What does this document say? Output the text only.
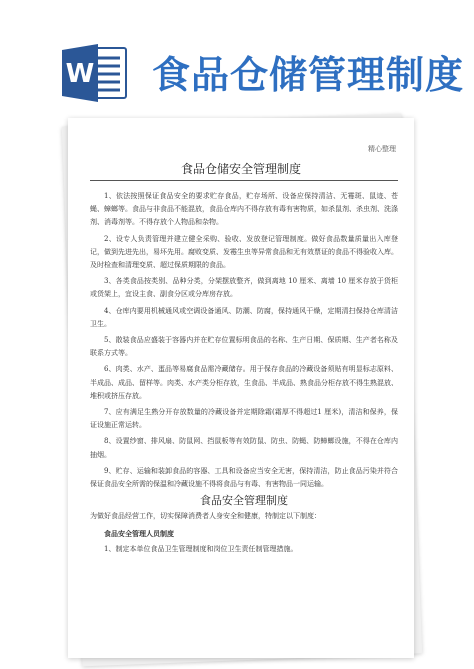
W 食品仓储管理制度
精心整理
食品仓储安全管理制度

1、依法按照保证食品安全的要求贮存食品，贮存场所、设备应保持清洁、无霉斑、鼠迹、苍蝇、蟑螂等。食品与非食品不能混放，食品仓库内不得存放有毒有害物质，如杀鼠剂、杀虫剂、洗涤剂、消毒剂等。不得存放个人物品和杂物。

2、设专人负责管理并建立健全采购、验收、发放登记管理制度。做好食品数量质量出入库登记，做到先进先出，易坏先用。腐败变质、发霉生虫等异常食品和无有效票证的食品不得验收入库。及时检查和清理变质、超过保质期限的食品。

3、各类食品按类别、品种分类，分架摆放整齐，做到离地 10 厘米、离墙 10 厘米存放于货柜或货架上，宜设主食、副食分区或分库房存放。

4、仓库内要用机械通风或空调设备通风、防潮、防腐，保持通风干燥，定期清扫保持仓库清洁卫生。

5、散装食品应盛装于容器内并在贮存位置标明食品的名称、生产日期、保质期、生产者名称及联系方式等。

6、肉类、水产、蛋品等易腐食品需冷藏储存。用于保存食品的冷藏设备须贴有明显标志原料、半成品、成品、留样等。肉类、水产类分柜存放，生食品、半成品、熟食品分柜存放不得生熟混放、堆积或挤压存放。

7、应有满足生熟分开存放数量的冷藏设备并定期除霜(霜厚不得超过1 厘米)，清洁和保养，保证设施正常运转。

8、设置纱窗、排风扇、防鼠网、挡鼠板等有效防鼠、防虫、防蝇、防蟑螂设施，不得在仓库内抽烟。

9、贮存、运输和装卸食品的容器、工具和设备应当安全无害，保持清洁，防止食品污染并符合保证食品安全所需的保温和冷藏设施不得将食品与有毒、有害物品一同运输。

食品安全管理制度

为做好食品经营工作，切实保障消费者人身安全和健康，特制定以下制度：

食品安全管理人员制度

1、制定本单位食品卫生管理制度和岗位卫生责任制管理措施。
